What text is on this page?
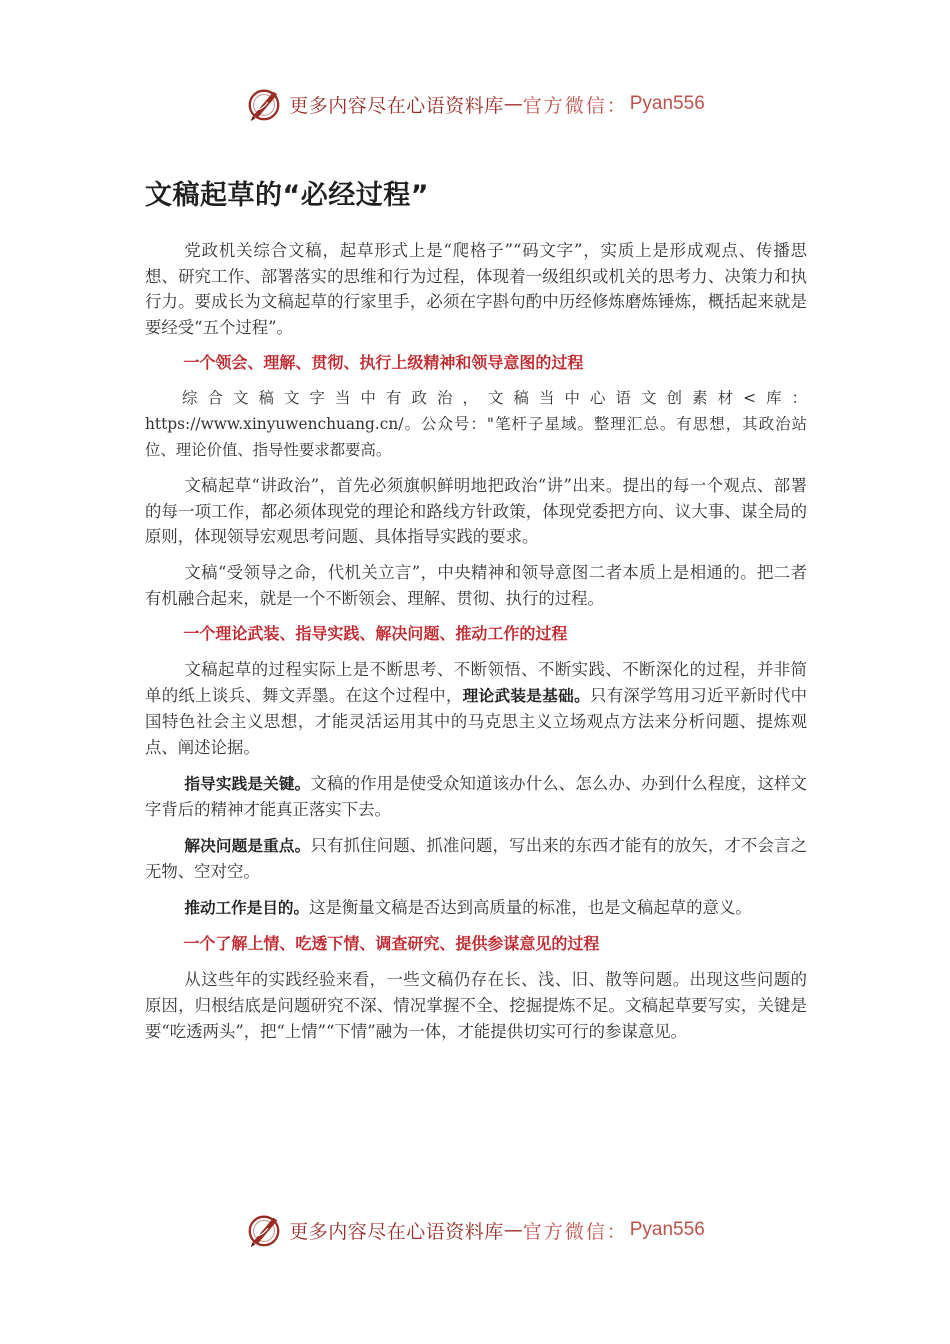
更多内容尽在心语资料库 — 官方微信： Pyan556
文稿起草的“必经过程”

党政机关综合文稿，起草形式上是“爬格子”“码文字”，实质上是形成观点、传播思想、研究工作、部署落实的思维和行为过程，体现着一级组织或机关的思考力、决策力和执行力。要成长为文稿起草的行家里手，必须在字斟句酌中历经修炼磨炼锤炼，概括起来就是要经受“五个过程”。

一个领会、理解、贯彻、执行上级精神和领导意图的过程

综合文稿文字当中有政治，文稿当中心语文创素材<库：https://www.xinyuwenchuang.cn/。公众号："笔杆子星域。整理汇总。有思想，其政治站位、理论价值、指导性要求都要高。

文稿起草“讲政治”，首先必须旗帜鲜明地把政治“讲”出来。提出的每一个观点、部署的每一项工作，都必须体现党的理论和路线方针政策，体现党委把方向、议大事、谋全局的原则，体现领导宏观思考问题、具体指导实践的要求。

文稿“受领导之命，代机关立言”，中央精神和领导意图二者本质上是相通的。把二者有机融合起来，就是一个不断领会、理解、贯彻、执行的过程。

一个理论武装、指导实践、解决问题、推动工作的过程

文稿起草的过程实际上是不断思考、不断领悟、不断实践、不断深化的过程，并非简单的纸上谈兵、舞文弄墨。在这个过程中，理论武装是基础。只有深学笃用习近平新时代中国特色社会主义思想，才能灵活运用其中的马克思主义立场观点方法来分析问题、提炼观点、阐述论据。

指导实践是关键。文稿的作用是使受众知道该办什么、怎么办、办到什么程度，这样文字背后的精神才能真正落实下去。

解决问题是重点。只有抓住问题、抓准问题，写出来的东西才能有的放矢，才不会言之无物、空对空。

推动工作是目的。这是衡量文稿是否达到高质量的标准，也是文稿起草的意义。

一个了解上情、吃透下情、调查研究、提供参谋意见的过程

从这些年的实践经验来看，一些文稿仍存在长、浅、旧、散等问题。出现这些问题的原因，归根结底是问题研究不深、情况掌握不全、挖掘提炼不足。文稿起草要写实，关键是要“吃透两头”，把“上情”“下情”融为一体，才能提供切实可行的参谋意见。

更多内容尽在心语资料库 — 官方微信： Pyan556
